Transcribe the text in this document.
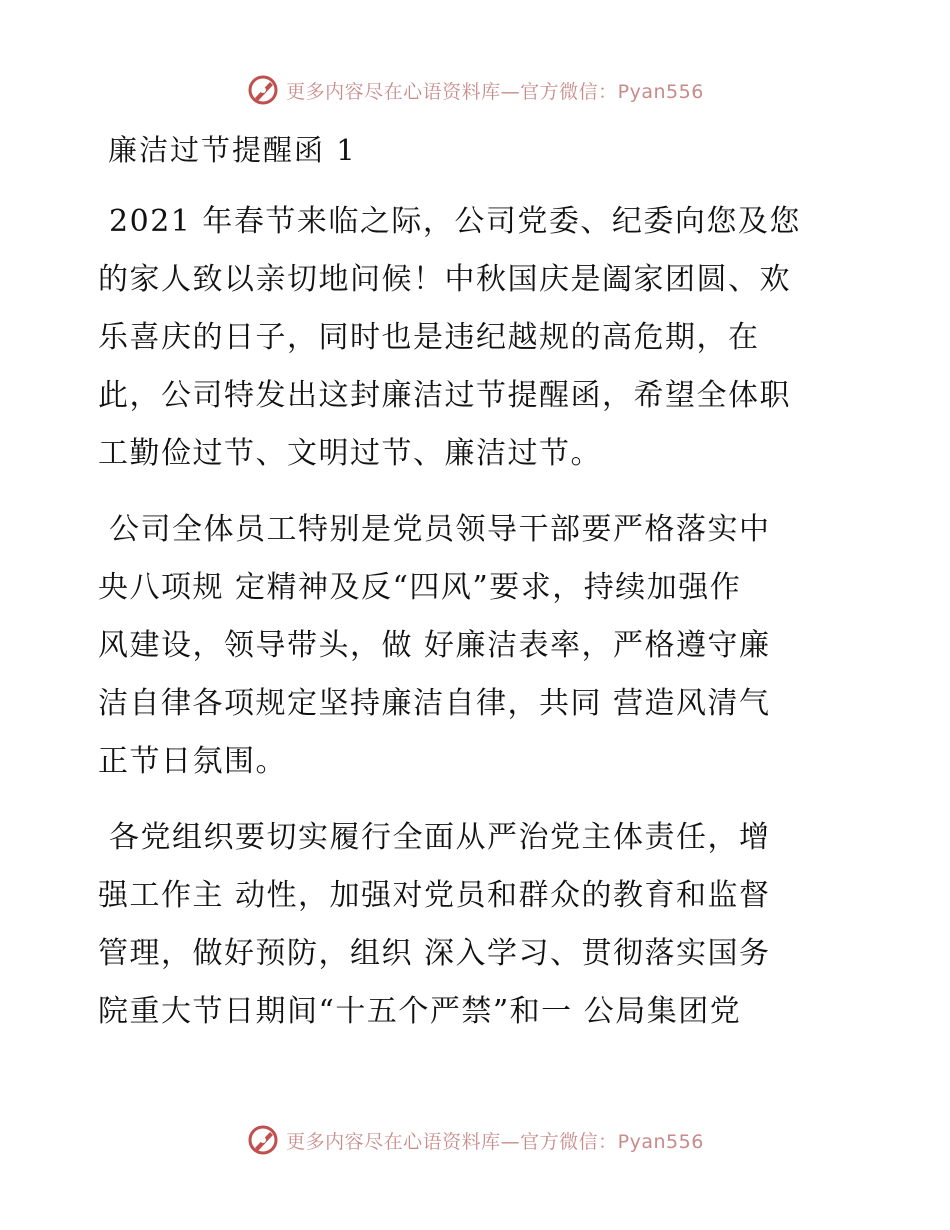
更多内容尽在心语资料库—官方微信：Pyan556
廉洁过节提醒函 1
2021 年春节来临之际，公司党委、纪委向您及您
的家人致以亲切地问候！中秋国庆是阖家团圆、欢
乐喜庆的日子，同时也是违纪越规的高危期，在
此，公司特发出这封廉洁过节提醒函，希望全体职
工勤俭过节、文明过节、廉洁过节。
公司全体员工特别是党员领导干部要严格落实中
央八项规 定精神及反“四风”要求，持续加强作
风建设，领导带头，做 好廉洁表率，严格遵守廉
洁自律各项规定坚持廉洁自律，共同 营造风清气
正节日氛围。
各党组织要切实履行全面从严治党主体责任，增
强工作主 动性，加强对党员和群众的教育和监督
管理，做好预防，组织 深入学习、贯彻落实国务
院重大节日期间“十五个严禁”和一 公局集团党
更多内容尽在心语资料库—官方微信：Pyan556
